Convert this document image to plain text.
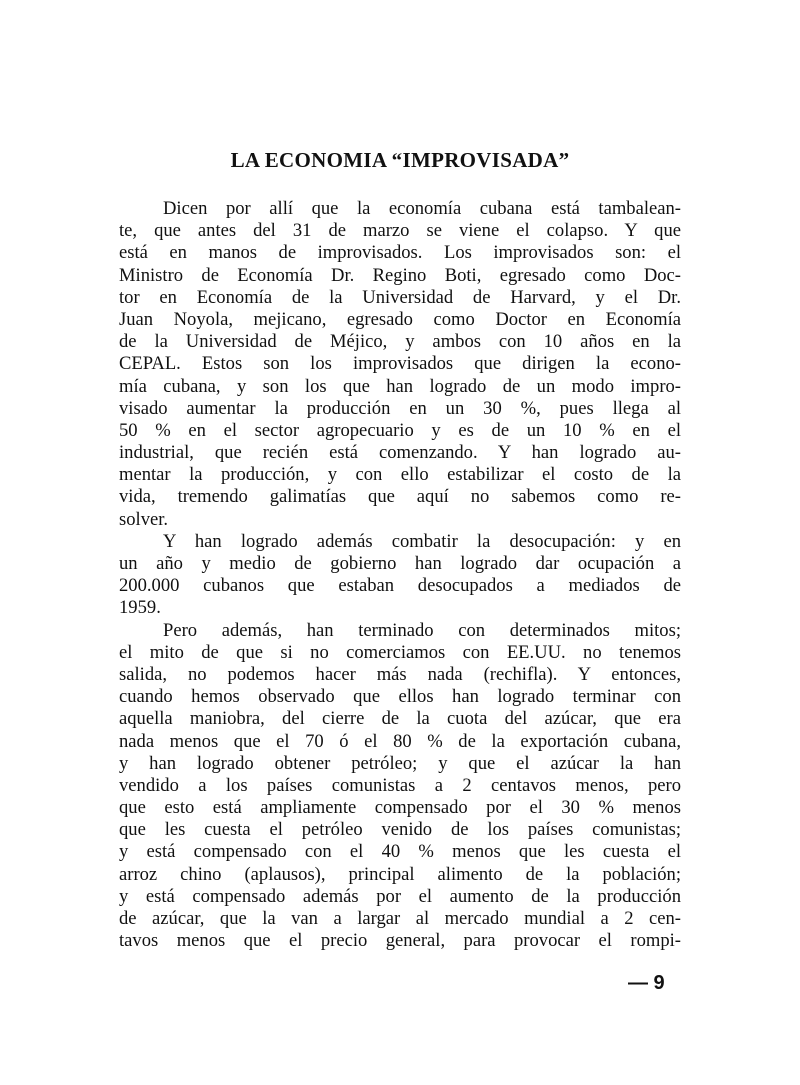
LA ECONOMIA “IMPROVISADA”
Dicen por allí que la economía cubana está tambalean-
te, que antes del 31 de marzo se viene el colapso. Y que
está en manos de improvisados. Los improvisados son: el
Ministro de Economía Dr. Regino Boti, egresado como Doc-
tor en Economía de la Universidad de Harvard, y el Dr.
Juan Noyola, mejicano, egresado como Doctor en Economía
de la Universidad de Méjico, y ambos con 10 años en la
CEPAL. Estos son los improvisados que dirigen la econo-
mía cubana, y son los que han logrado de un modo impro-
visado aumentar la producción en un 30 %, pues llega al
50 % en el sector agropecuario y es de un 10 % en el
industrial, que recién está comenzando. Y han logrado au-
mentar la producción, y con ello estabilizar el costo de la
vida, tremendo galimatías que aquí no sabemos como re-
solver.
Y han logrado además combatir la desocupación: y en
un año y medio de gobierno han logrado dar ocupación a
200.000 cubanos que estaban desocupados a mediados de
1959.
Pero además, han terminado con determinados mitos;
el mito de que si no comerciamos con EE.UU. no tenemos
salida, no podemos hacer más nada (rechifla). Y entonces,
cuando hemos observado que ellos han logrado terminar con
aquella maniobra, del cierre de la cuota del azúcar, que era
nada menos que el 70 ó el 80 % de la exportación cubana,
y han logrado obtener petróleo; y que el azúcar la han
vendido a los países comunistas a 2 centavos menos, pero
que esto está ampliamente compensado por el 30 % menos
que les cuesta el petróleo venido de los países comunistas;
y está compensado con el 40 % menos que les cuesta el
arroz chino (aplausos), principal alimento de la población;
y está compensado además por el aumento de la producción
de azúcar, que la van a largar al mercado mundial a 2 cen-
tavos menos que el precio general, para provocar el rompi-
— 9
